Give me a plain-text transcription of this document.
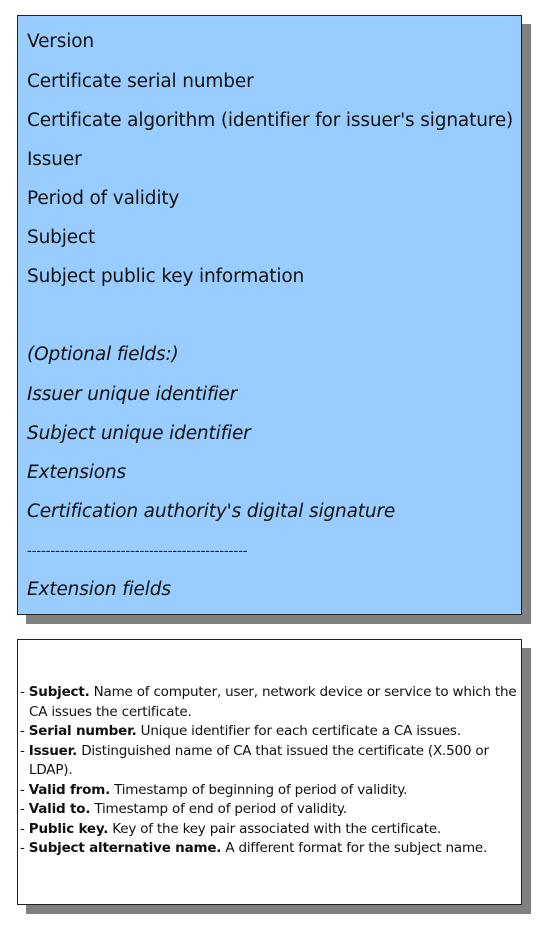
Version

Certificate serial number

Certificate algorithm (identifier for issuer's signature)

Issuer

Period of validity

Subject

Subject public key information

(Optional fields:)

Issuer unique identifier

Subject unique identifier

Extensions

Certification authority's digital signature

-----------------------------------------------

Extension fields

- Subject. Name of computer, user, network device or service to which the CA issues the certificate.
- Serial number. Unique identifier for each certificate a CA issues.
- Issuer. Distinguished name of CA that issued the certificate (X.500 or LDAP).
- Valid from. Timestamp of beginning of period of validity.
- Valid to. Timestamp of end of period of validity.
- Public key. Key of the key pair associated with the certificate.
- Subject alternative name. A different format for the subject name.
